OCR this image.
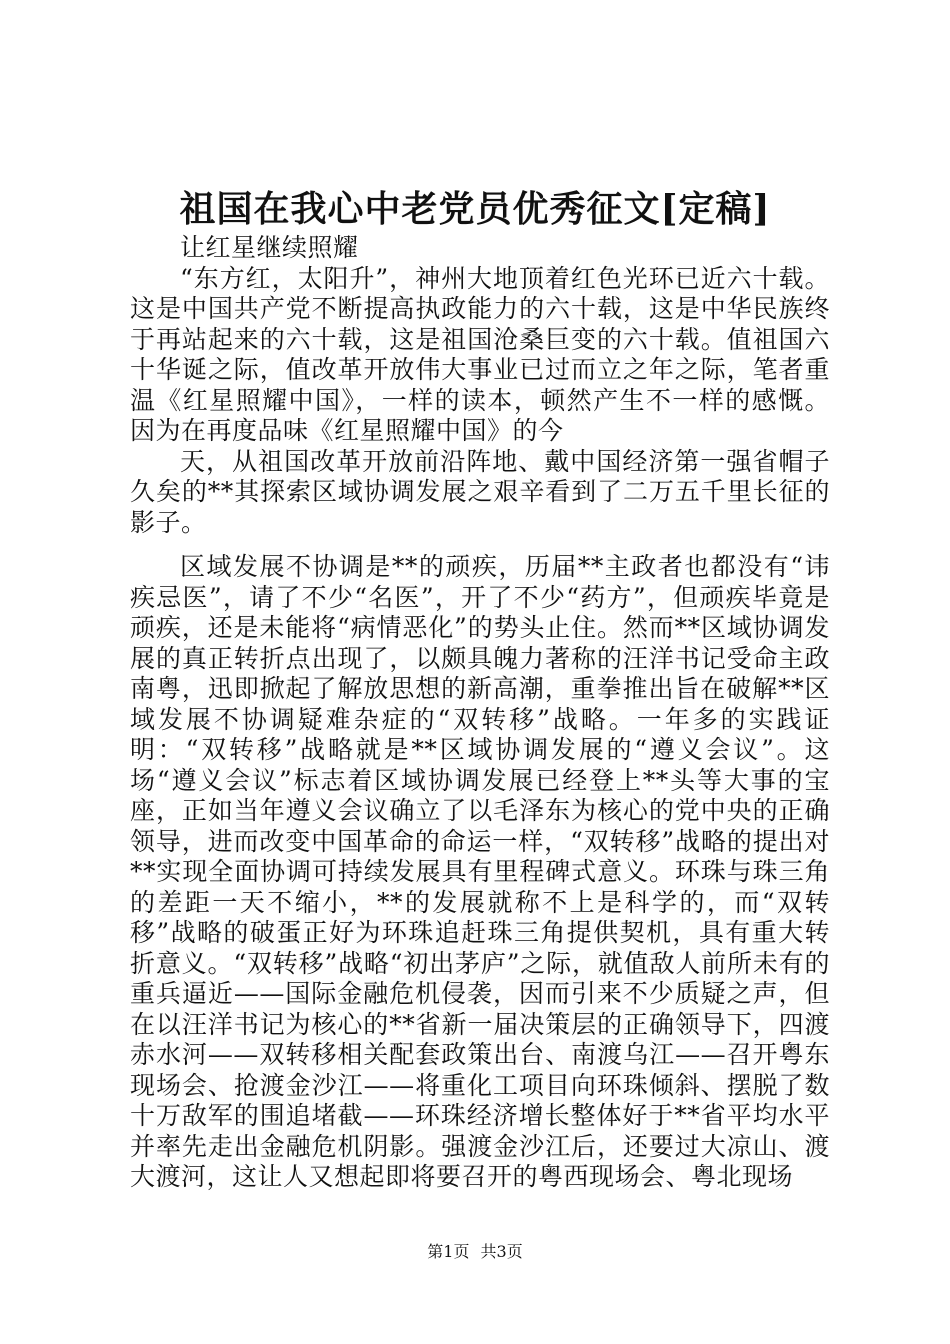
祖国在我心中老党员优秀征文[定稿]

让红星继续照耀

“东方红，太阳升”，神州大地顶着红色光环已近六十载。这是中国共产党不断提高执政能力的六十载，这是中华民族终于再站起来的六十载，这是祖国沧桑巨变的六十载。值祖国六十华诞之际，值改革开放伟大事业已过而立之年之际，笔者重温《红星照耀中国》，一样的读本，顿然产生不一样的感慨。因为在再度品味《红星照耀中国》的今

天，从祖国改革开放前沿阵地、戴中国经济第一强省帽子久矣的**其探索区域协调发展之艰辛看到了二万五千里长征的影子。

区域发展不协调是**的顽疾，历届**主政者也都没有“讳疾忌医”，请了不少“名医”，开了不少“药方”，但顽疾毕竟是顽疾，还是未能将“病情恶化”的势头止住。然而**区域协调发展的真正转折点出现了，以颇具魄力著称的汪洋书记受命主政南粤，迅即掀起了解放思想的新高潮，重拳推出旨在破解**区域发展不协调疑难杂症的“双转移”战略。一年多的实践证明：“双转移”战略就是**区域协调发展的“遵义会议”。这场“遵义会议”标志着区域协调发展已经登上**头等大事的宝座，正如当年遵义会议确立了以毛泽东为核心的党中央的正确领导，进而改变中国革命的命运一样，“双转移”战略的提出对**实现全面协调可持续发展具有里程碑式意义。环珠与珠三角的差距一天不缩小，**的发展就称不上是科学的，而“双转移”战略的破蛋正好为环珠追赶珠三角提供契机，具有重大转折意义。“双转移”战略“初出茅庐”之际，就值敌人前所未有的重兵逼近——国际金融危机侵袭，因而引来不少质疑之声，但在以汪洋书记为核心的**省新一届决策层的正确领导下，四渡赤水河——双转移相关配套政策出台、南渡乌江——召开粤东现场会、抢渡金沙江——将重化工项目向环珠倾斜、摆脱了数十万敌军的围追堵截——环珠经济增长整体好于**省平均水平并率先走出金融危机阴影。强渡金沙江后，还要过大凉山、渡大渡河，这让人又想起即将要召开的粤西现场会、粤北现场

第1页 共3页
